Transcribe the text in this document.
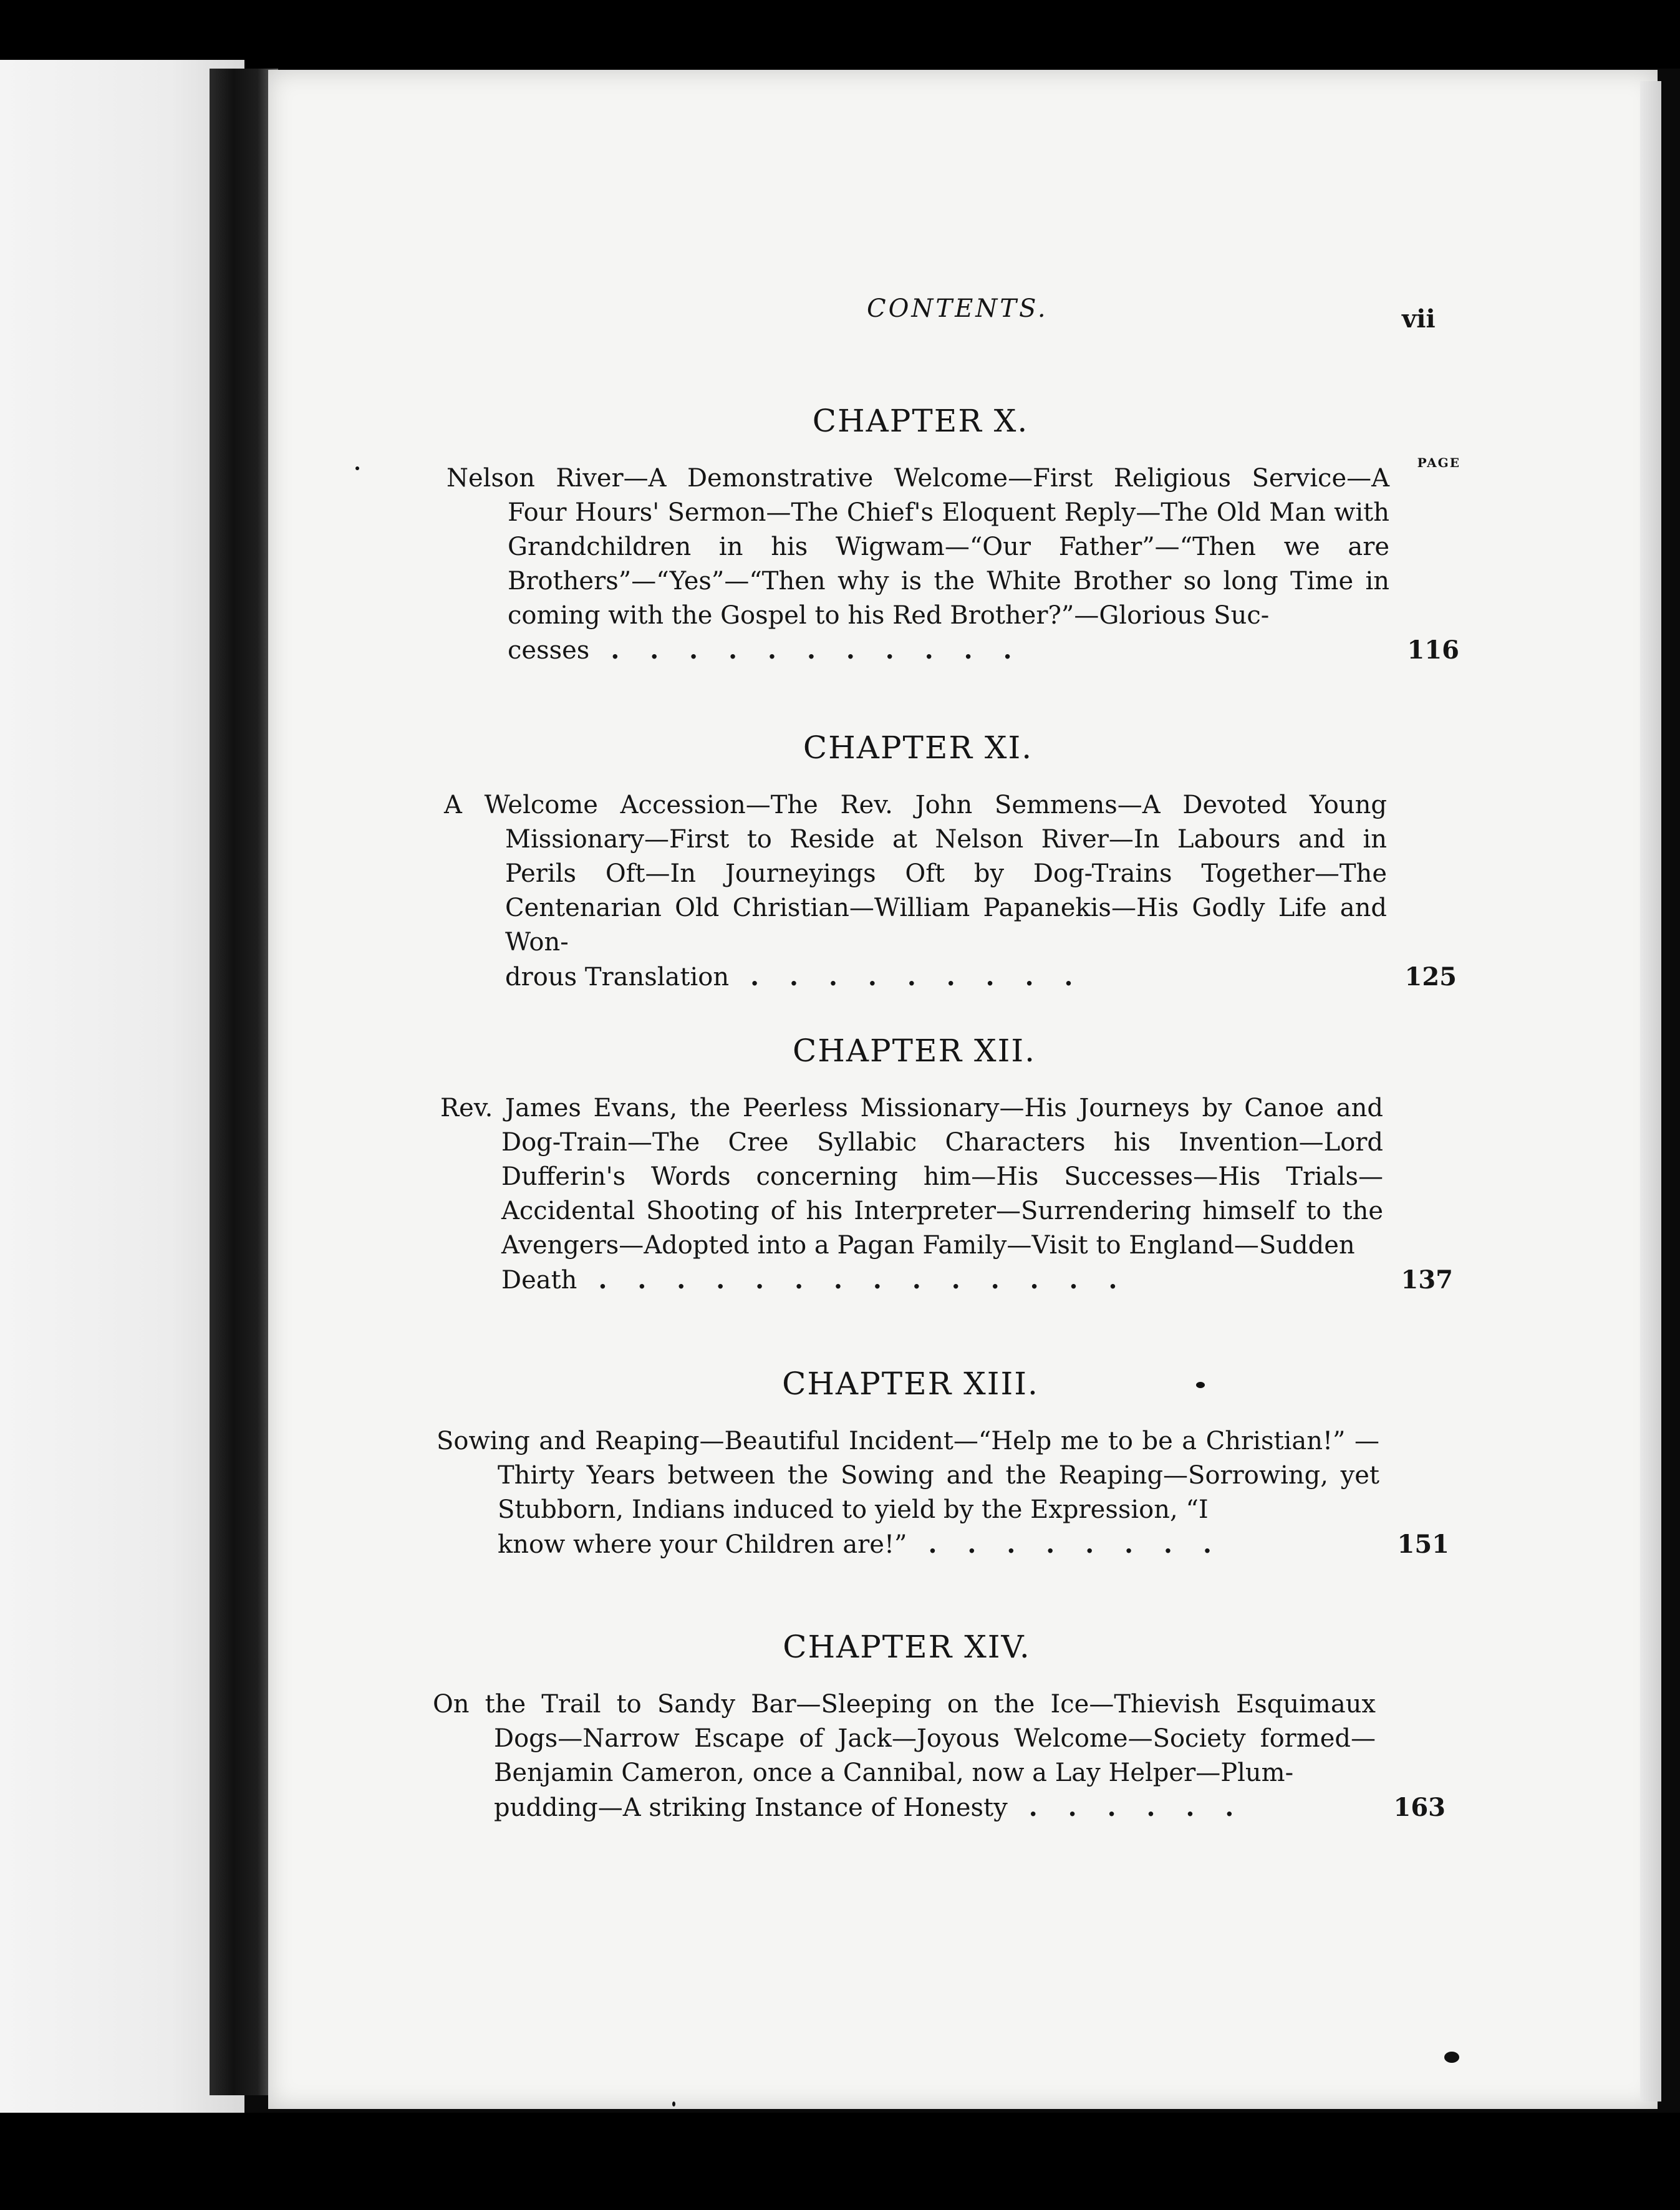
CONTENTS.	vii
CHAPTER X.
PAGE
Nelson River—A Demonstrative Welcome—First Religious Service—A Four Hours' Sermon—The Chief's Eloquent Reply—The Old Man with Grandchildren in his Wigwam—“Our Father”—“Then we are Brothers”—“Yes”—“Then why is the White Brother so long Time in coming with the Gospel to his Red Brother?”—Glorious Suc-
cesses ...........	116
CHAPTER XI.
A Welcome Accession—The Rev. John Semmens—A Devoted Young Missionary—First to Reside at Nelson River—In Labours and in Perils Oft—In Journeyings Oft by Dog-Trains Together—The Centenarian Old Christian—William Papanekis—His Godly Life and Won-
drous Translation .........	125
CHAPTER XII.
Rev. James Evans, the Peerless Missionary—His Journeys by Canoe and Dog-Train—The Cree Syllabic Characters his Invention—Lord Dufferin's Words concerning him—His Successes—His Trials—Accidental Shooting of his Interpreter—Surrendering himself to the Avengers—Adopted into a Pagan Family—Visit to England—Sudden
Death ..............	137
CHAPTER XIII.
Sowing and Reaping—Beautiful Incident—“Help me to be a Christian!” —Thirty Years between the Sowing and the Reaping—Sorrowing, yet Stubborn, Indians induced to yield by the Expression, “I
know where your Children are!” ........	151
CHAPTER XIV.
On the Trail to Sandy Bar—Sleeping on the Ice—Thievish Esquimaux Dogs—Narrow Escape of Jack—Joyous Welcome—Society formed—Benjamin Cameron, once a Cannibal, now a Lay Helper—Plum-
pudding—A striking Instance of Honesty ......	163
